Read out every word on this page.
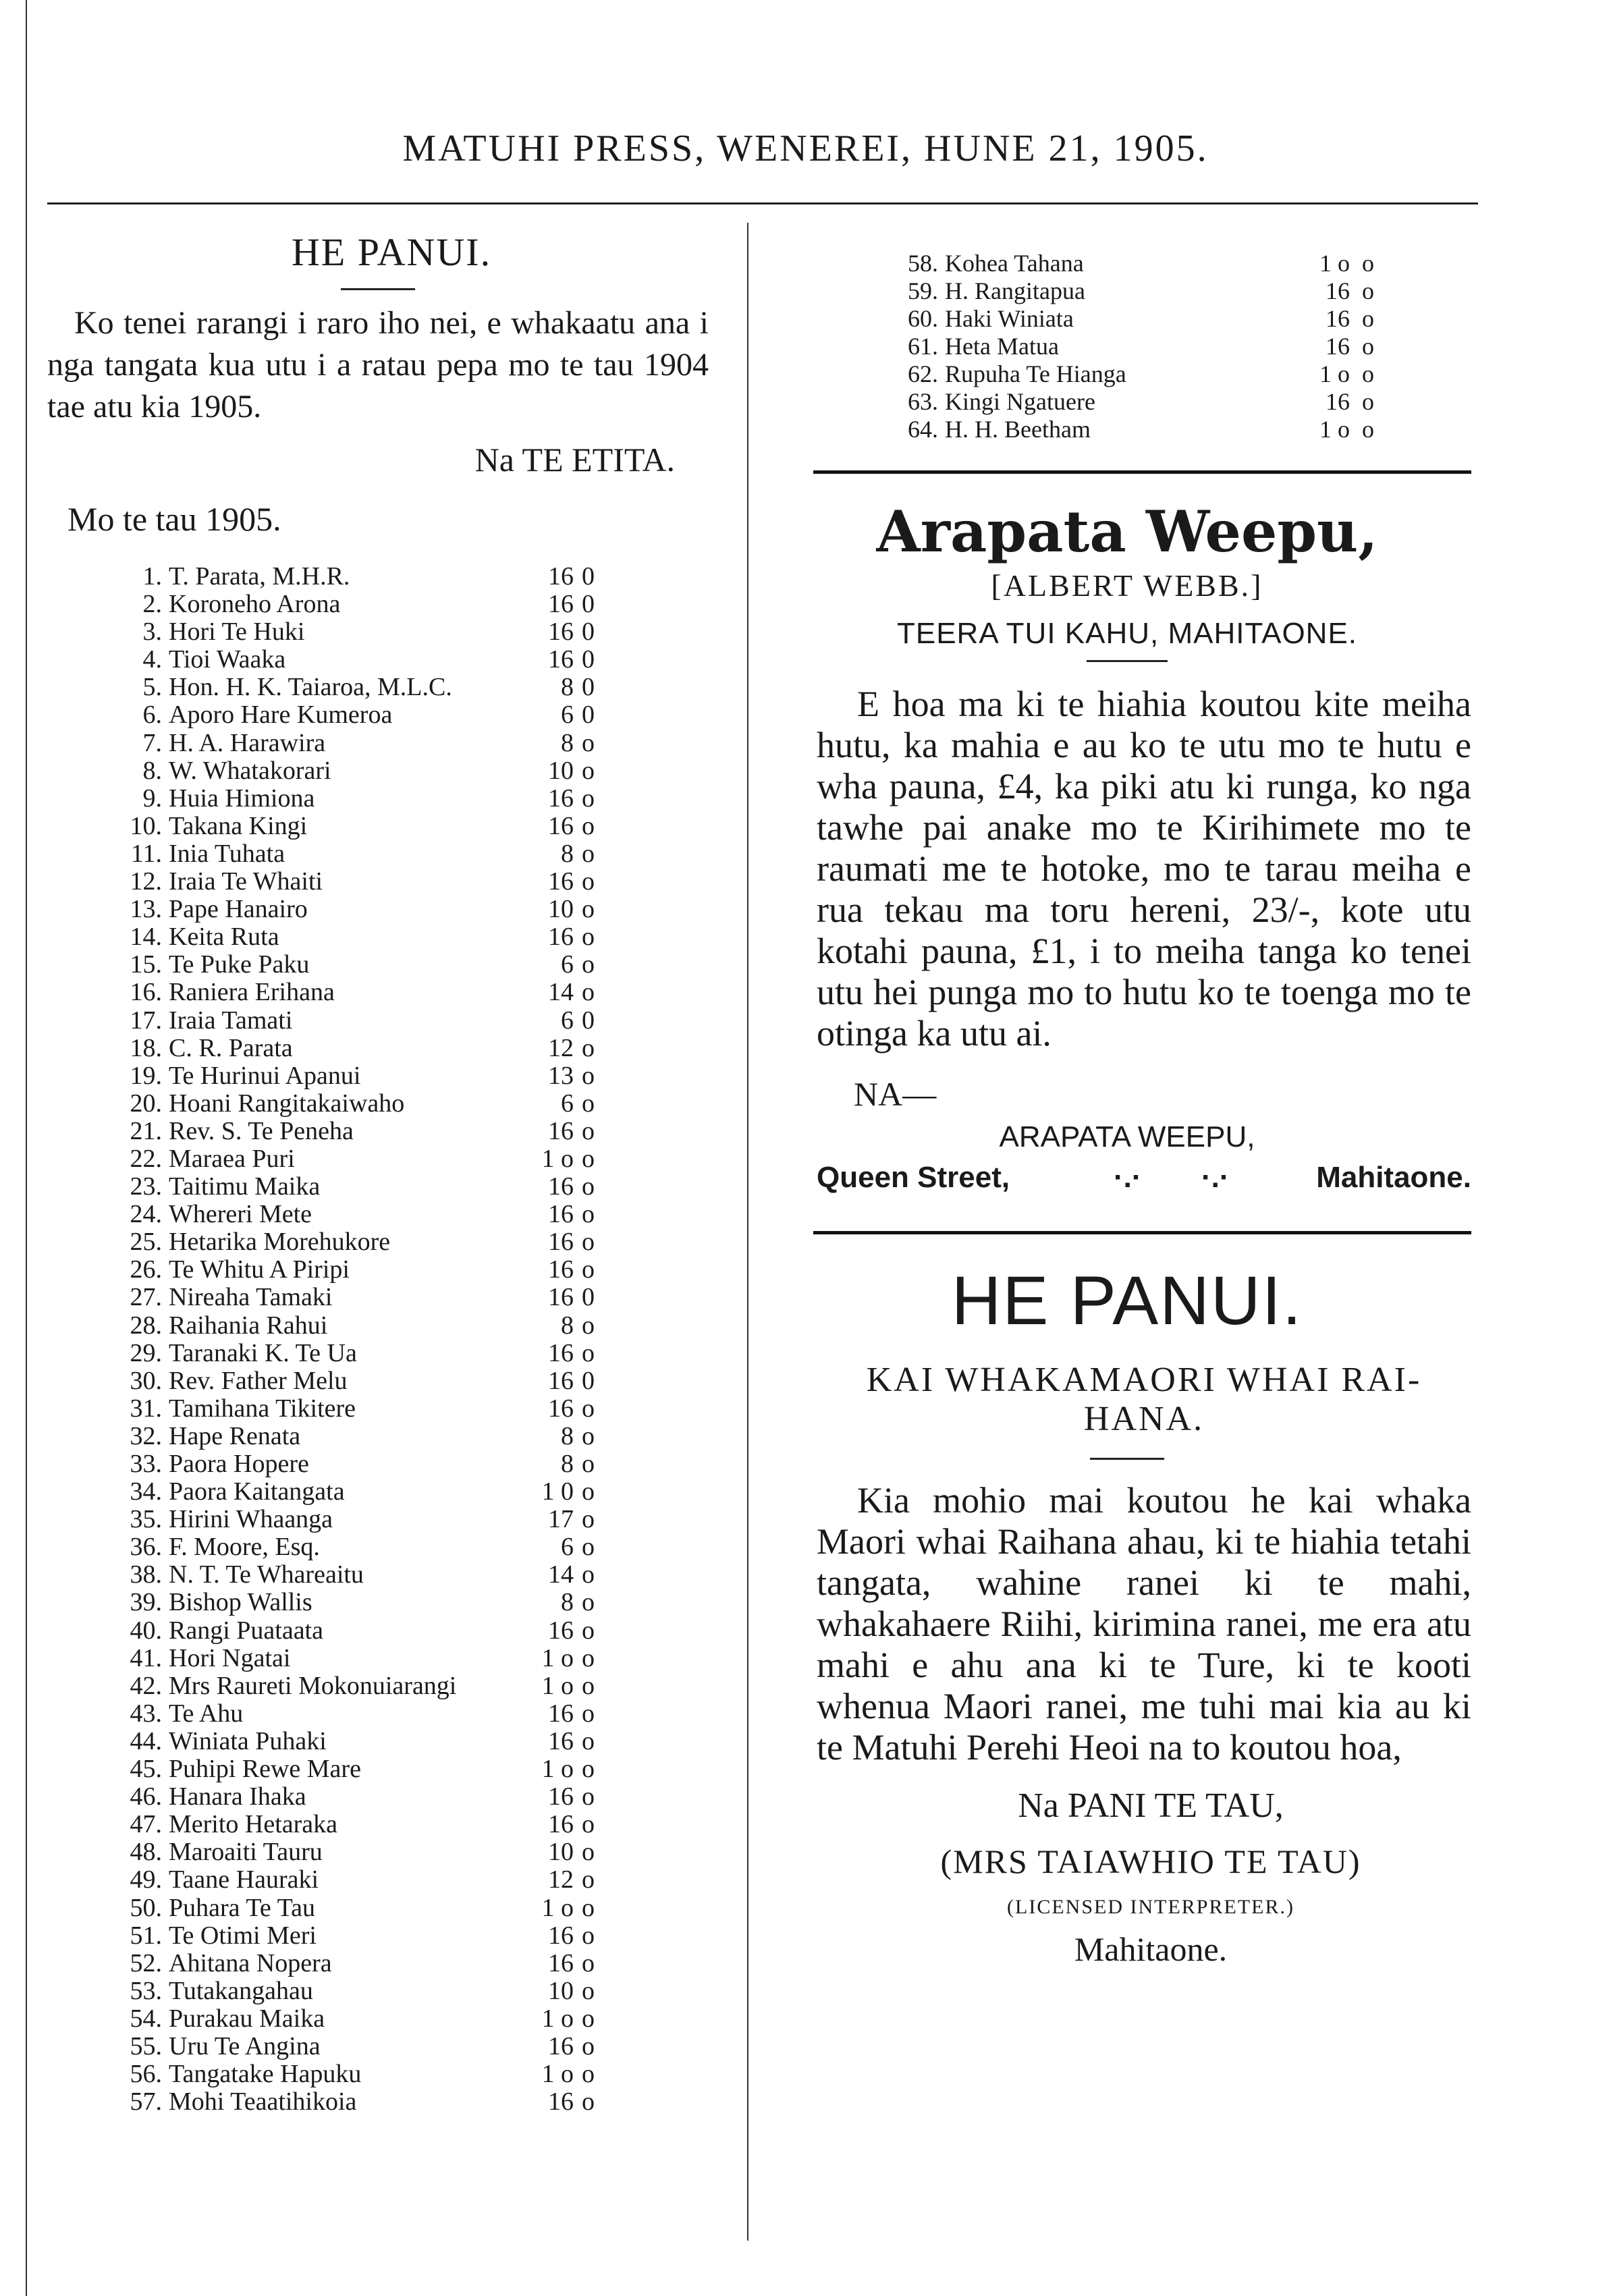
MATUHI PRESS, WENEREI, HUNE 21, 1905.
HE PANUI.
Ko tenei rarangi i raro iho nei, e whakaatu ana i nga tangata kua utu i a ratau pepa mo te tau 1904 tae atu kia 1905.
Na TE ETITA.
Mo te tau 1905.
1. T. Parata, M.H.R.	16 0
2. Koroneho Arona	16 0
3. Hori Te Huki	16 0
4. Tioi Waaka	16 0
5. Hon. H. K. Taiaroa, M.L.C.	8 0
6. Aporo Hare Kumeroa	6 0
7. H. A. Harawira	8 o
8. W. Whatakorari	10 o
9. Huia Himiona	16 o
10. Takana Kingi	16 o
11. Inia Tuhata	8 o
12. Iraia Te Whaiti	16 o
13. Pape Hanairo	10 o
14. Keita Ruta	16 o
15. Te Puke Paku	6 o
16. Raniera Erihana	14 o
17. Iraia Tamati	6 0
18. C. R. Parata	12 o
19. Te Hurinui Apanui	13 o
20. Hoani Rangitakaiwaho	6 o
21. Rev. S. Te Peneha	16 o
22. Maraea Puri	1 o o
23. Taitimu Maika	16 o
24. Whereri Mete	16 o
25. Hetarika Morehukore	16 o
26. Te Whitu A Piripi	16 o
27. Nireaha Tamaki	16 0
28. Raihania Rahui	8 o
29. Taranaki K. Te Ua	16 o
30. Rev. Father Melu	16 0
31. Tamihana Tikitere	16 o
32. Hape Renata	8 o
33. Paora Hopere	8 o
34. Paora Kaitangata	1 0 o
35. Hirini Whaanga	17 o
36. F. Moore, Esq.	6 o
38. N. T. Te Whareaitu	14 o
39. Bishop Wallis	8 o
40. Rangi Puataata	16 o
41. Hori Ngatai	1 o o
42. Mrs Raureti Mokonuiarangi	1 o o
43. Te Ahu	16 o
44. Winiata Puhaki	16 o
45. Puhipi Rewe Mare	1 o o
46. Hanara Ihaka	16 o
47. Merito Hetaraka	16 o
48. Maroaiti Tauru	10 o
49. Taane Hauraki	12 o
50. Puhara Te Tau	1 o o
51. Te Otimi Meri	16 o
52. Ahitana Nopera	16 o
53. Tutakangahau	10 o
54. Purakau Maika	1 o o
55. Uru Te Angina	16 o
56. Tangatake Hapuku	1 o o
57. Mohi Teaatihikoia	16 o
58. Kohea Tahana	1 o o
59. H. Rangitapua	16 o
60. Haki Winiata	16 o
61. Heta Matua	16 o
62. Rupuha Te Hianga	1 o o
63. Kingi Ngatuere	16 o
64. H. H. Beetham	1 o o
Arapata Weepu,
[ALBERT WEBB.]
TEERA TUI KAHU, MAHITAONE.
E hoa ma ki te hiahia koutou kite meiha hutu, ka mahia e au ko te utu mo te hutu e wha pauna, £4, ka piki atu ki runga, ko nga tawhe pai anake mo te Kirihimete mo te raumati me te hotoke, mo te tarau meiha e rua tekau ma toru hereni, 23/-, kote utu kotahi pauna, £1, i to meiha tanga ko tenei utu hei punga mo to hutu ko te toenga mo te otinga ka utu ai.
NA—
ARAPATA WEEPU,
Queen Street,	·.· ·.·	Mahitaone.
HE PANUI.
KAI WHAKAMAORI WHAI RAI-HANA.
Kia mohio mai koutou he kai whaka Maori whai Raihana ahau, ki te hiahia tetahi tangata, wahine ranei ki te mahi, whakahaere Riihi, kirimina ranei, me era atu mahi e ahu ana ki te Ture, ki te kooti whenua Maori ranei, me tuhi mai kia au ki te Matuhi Perehi Heoi na to koutou hoa,
Na PANI TE TAU,
(MRS TAIAWHIO TE TAU)
(LICENSED INTERPRETER.)
Mahitaone.
